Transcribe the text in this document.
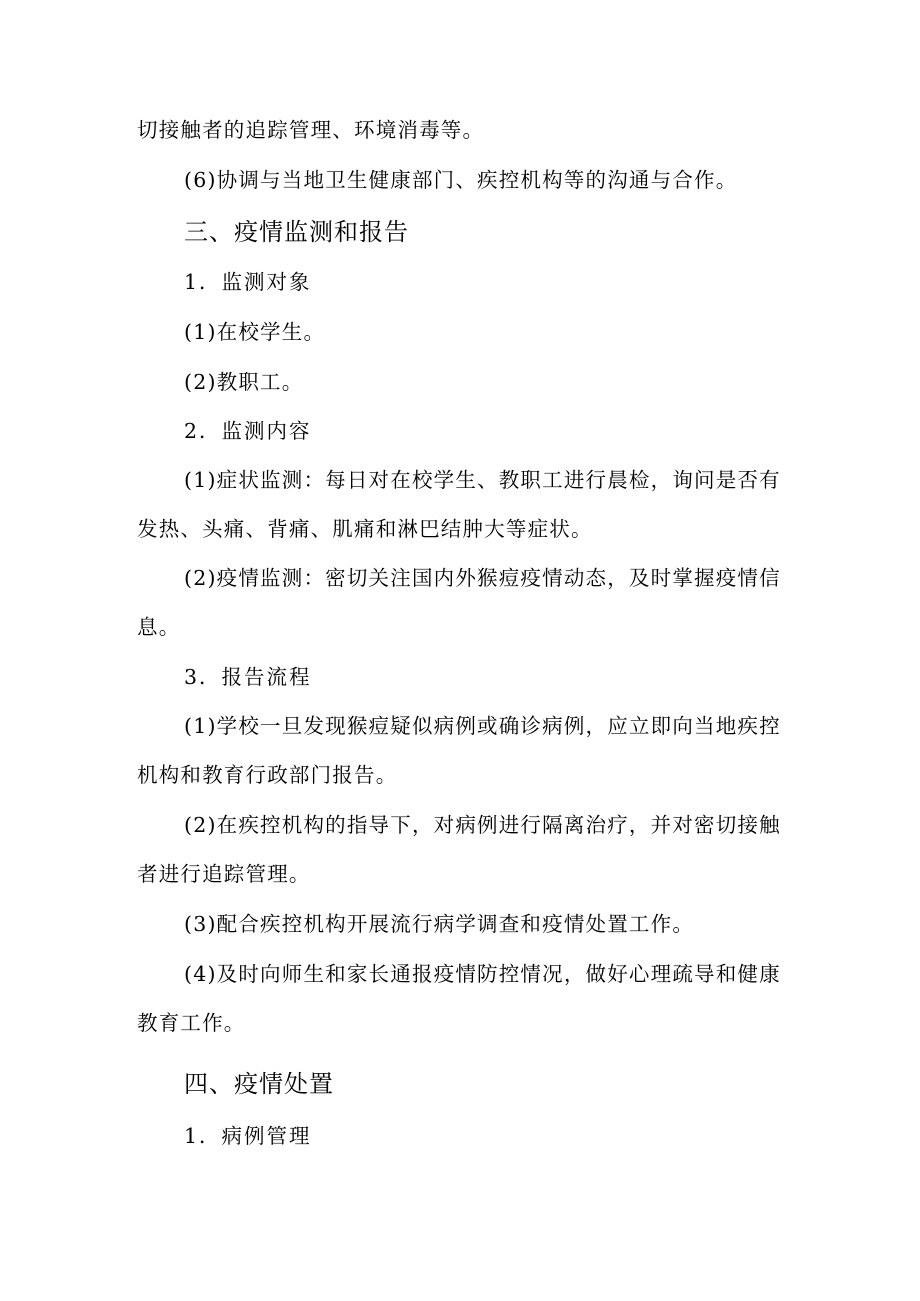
切接触者的追踪管理、环境消毒等。
(6)协调与当地卫生健康部门、疾控机构等的沟通与合作。
三、疫情监测和报告
1．监测对象
(1)在校学生。
(2)教职工。
2．监测内容
(1)症状监测：每日对在校学生、教职工进行晨检，询问是否有
发热、头痛、背痛、肌痛和淋巴结肿大等症状。
(2)疫情监测：密切关注国内外猴痘疫情动态，及时掌握疫情信
息。
3．报告流程
(1)学校一旦发现猴痘疑似病例或确诊病例，应立即向当地疾控
机构和教育行政部门报告。
(2)在疾控机构的指导下，对病例进行隔离治疗，并对密切接触
者进行追踪管理。
(3)配合疾控机构开展流行病学调查和疫情处置工作。
(4)及时向师生和家长通报疫情防控情况，做好心理疏导和健康
教育工作。
四、疫情处置
1．病例管理
